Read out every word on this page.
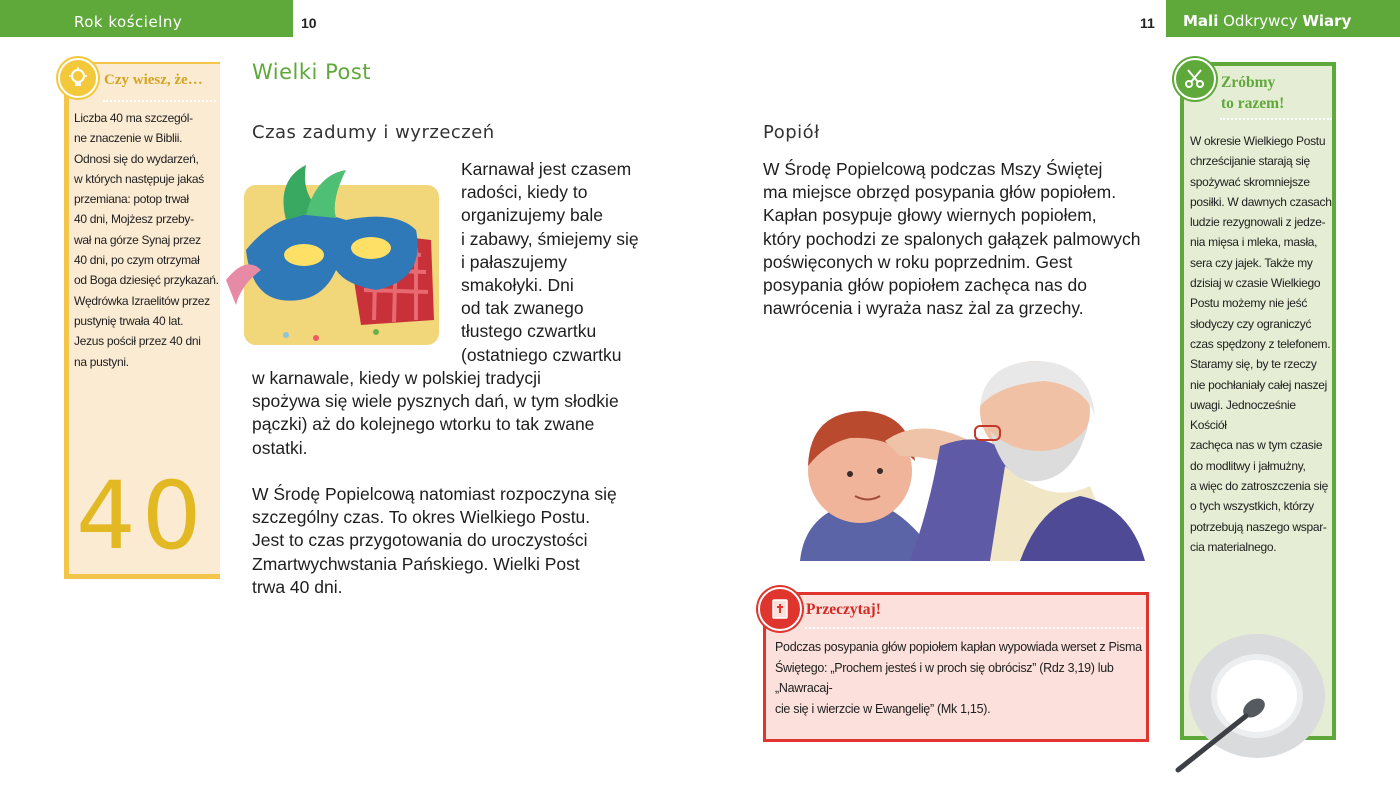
Rok kościelny	10	11 Mali Odkrywcy Wiary
Czy wiesz, że…
Liczba 40 ma szczegól-
ne znaczenie w Biblii.
Odnosi się do wydarzeń,
w których następuje jakaś
przemiana: potop trwał
40 dni, Mojżesz przeby-
wał na górze Synaj przez
40 dni, po czym otrzymał
od Boga dziesięć przykazań.
Wędrówka Izraelitów przez
pustynię trwała 40 lat.
Jezus pościł przez 40 dni
na pustyni.
40
Wielki Post
Czas zadumy i wyrzeczeń
Karnawał jest czasem
radości, kiedy to
organizujemy bale
i zabawy, śmiejemy się
i pałaszujemy
smakołyki. Dni
od tak zwanego
tłustego czwartku
(ostatniego czwartku
w karnawale, kiedy w polskiej tradycji
spożywa się wiele pysznych dań, w tym słodkie
pączki) aż do kolejnego wtorku to tak zwane
ostatki.
W Środę Popielcową natomiast rozpoczyna się
szczególny czas. To okres Wielkiego Postu.
Jest to czas przygotowania do uroczystości
Zmartwychwstania Pańskiego. Wielki Post
trwa 40 dni.
Popiół
W Środę Popielcową podczas Mszy Świętej
ma miejsce obrzęd posypania głów popiołem.
Kapłan posypuje głowy wiernych popiołem,
który pochodzi ze spalonych gałązek palmowych
poświęconych w roku poprzednim. Gest
posypania głów popiołem zachęca nas do
nawrócenia i wyraża nasz żal za grzechy.
Przeczytaj!
Podczas posypania głów popiołem kapłan wypowiada werset z Pisma
Świętego: „Prochem jesteś i w proch się obrócisz” (Rdz 3,19) lub „Nawracaj-
cie się i wierzcie w Ewangelię” (Mk 1,15).
Zróbmy
to razem!
W okresie Wielkiego Postu
chrześcijanie starają się
spożywać skromniejsze
posiłki. W dawnych czasach
ludzie rezygnowali z jedze-
nia mięsa i mleka, masła,
sera czy jajek. Także my
dzisiaj w czasie Wielkiego
Postu możemy nie jeść
słodyczy czy ograniczyć
czas spędzony z telefonem.
Staramy się, by te rzeczy
nie pochłaniały całej naszej
uwagi. Jednocześnie Kościół
zachęca nas w tym czasie
do modlitwy i jałmużny,
a więc do zatroszczenia się
o tych wszystkich, którzy
potrzebują naszego wspar-
cia materialnego.
